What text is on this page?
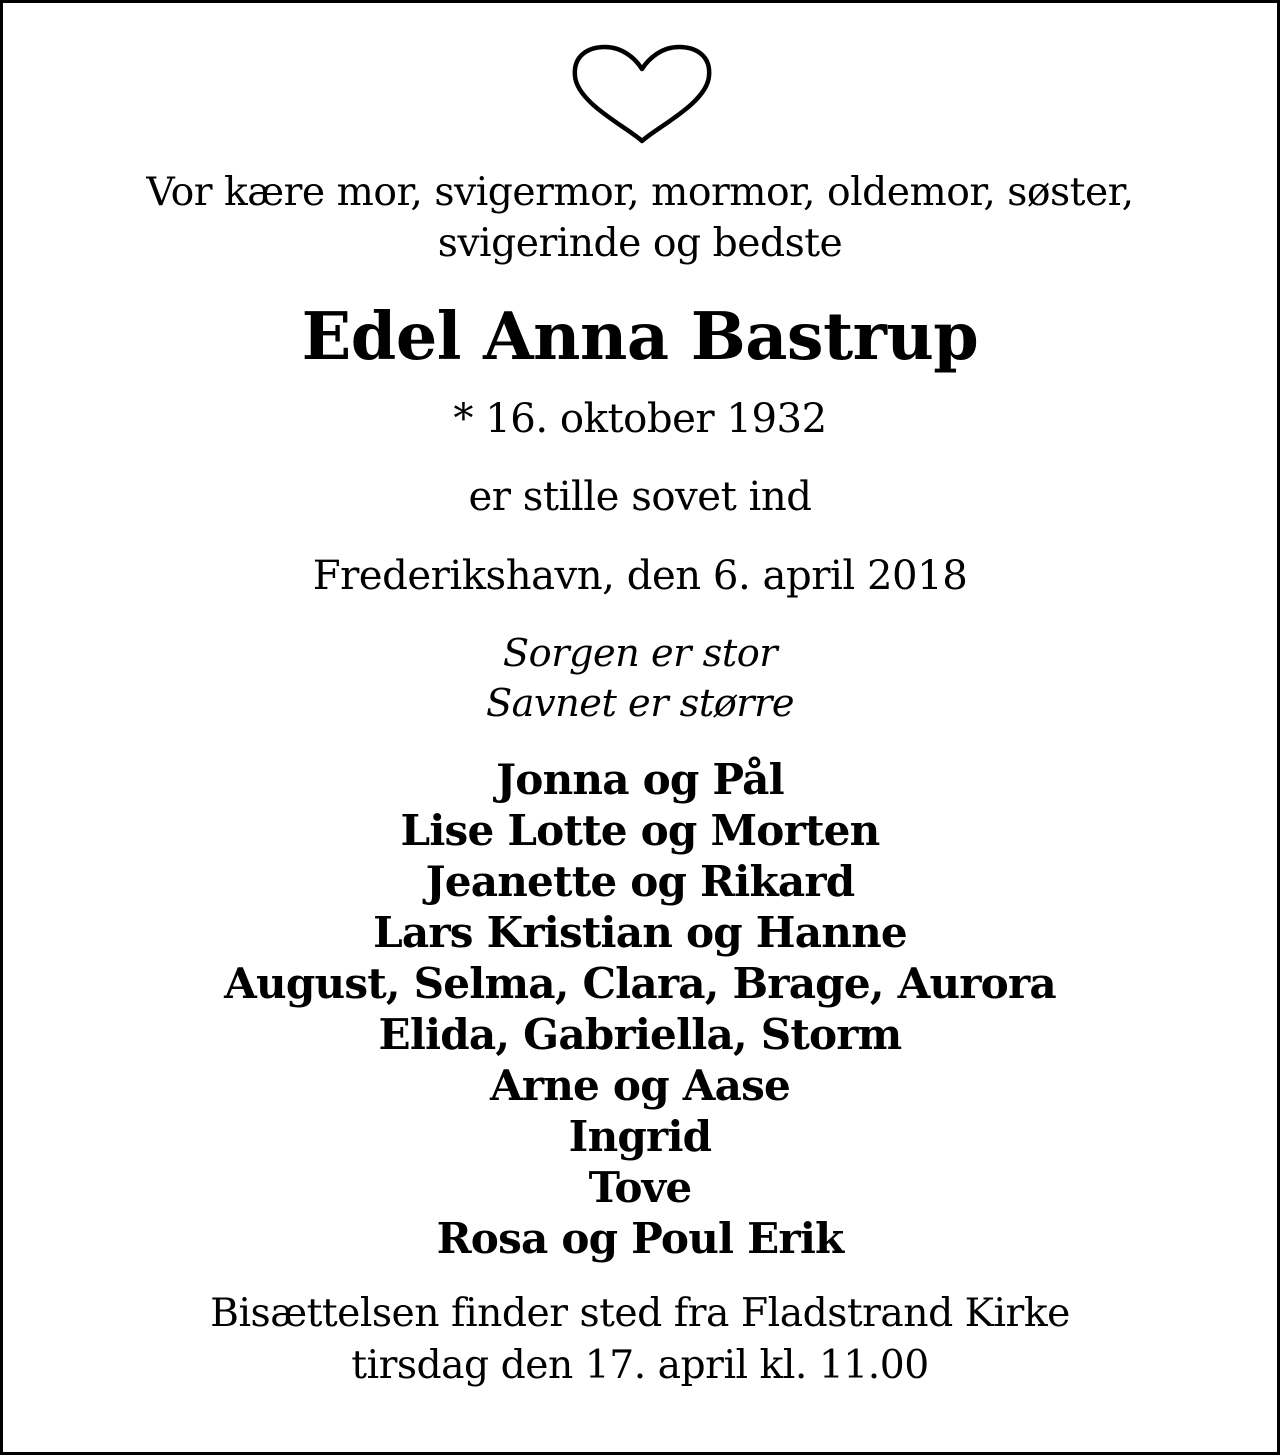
Vor kære mor, svigermor, mormor, oldemor, søster,
svigerinde og bedste
Edel Anna Bastrup
* 16. oktober 1932
er stille sovet ind
Frederikshavn, den 6. april 2018
Sorgen er stor
Savnet er større
Jonna og Pål
Lise Lotte og Morten
Jeanette og Rikard
Lars Kristian og Hanne
August, Selma, Clara, Brage, Aurora
Elida, Gabriella, Storm
Arne og Aase
Ingrid
Tove
Rosa og Poul Erik
Bisættelsen finder sted fra Fladstrand Kirke
tirsdag den 17. april kl. 11.00
